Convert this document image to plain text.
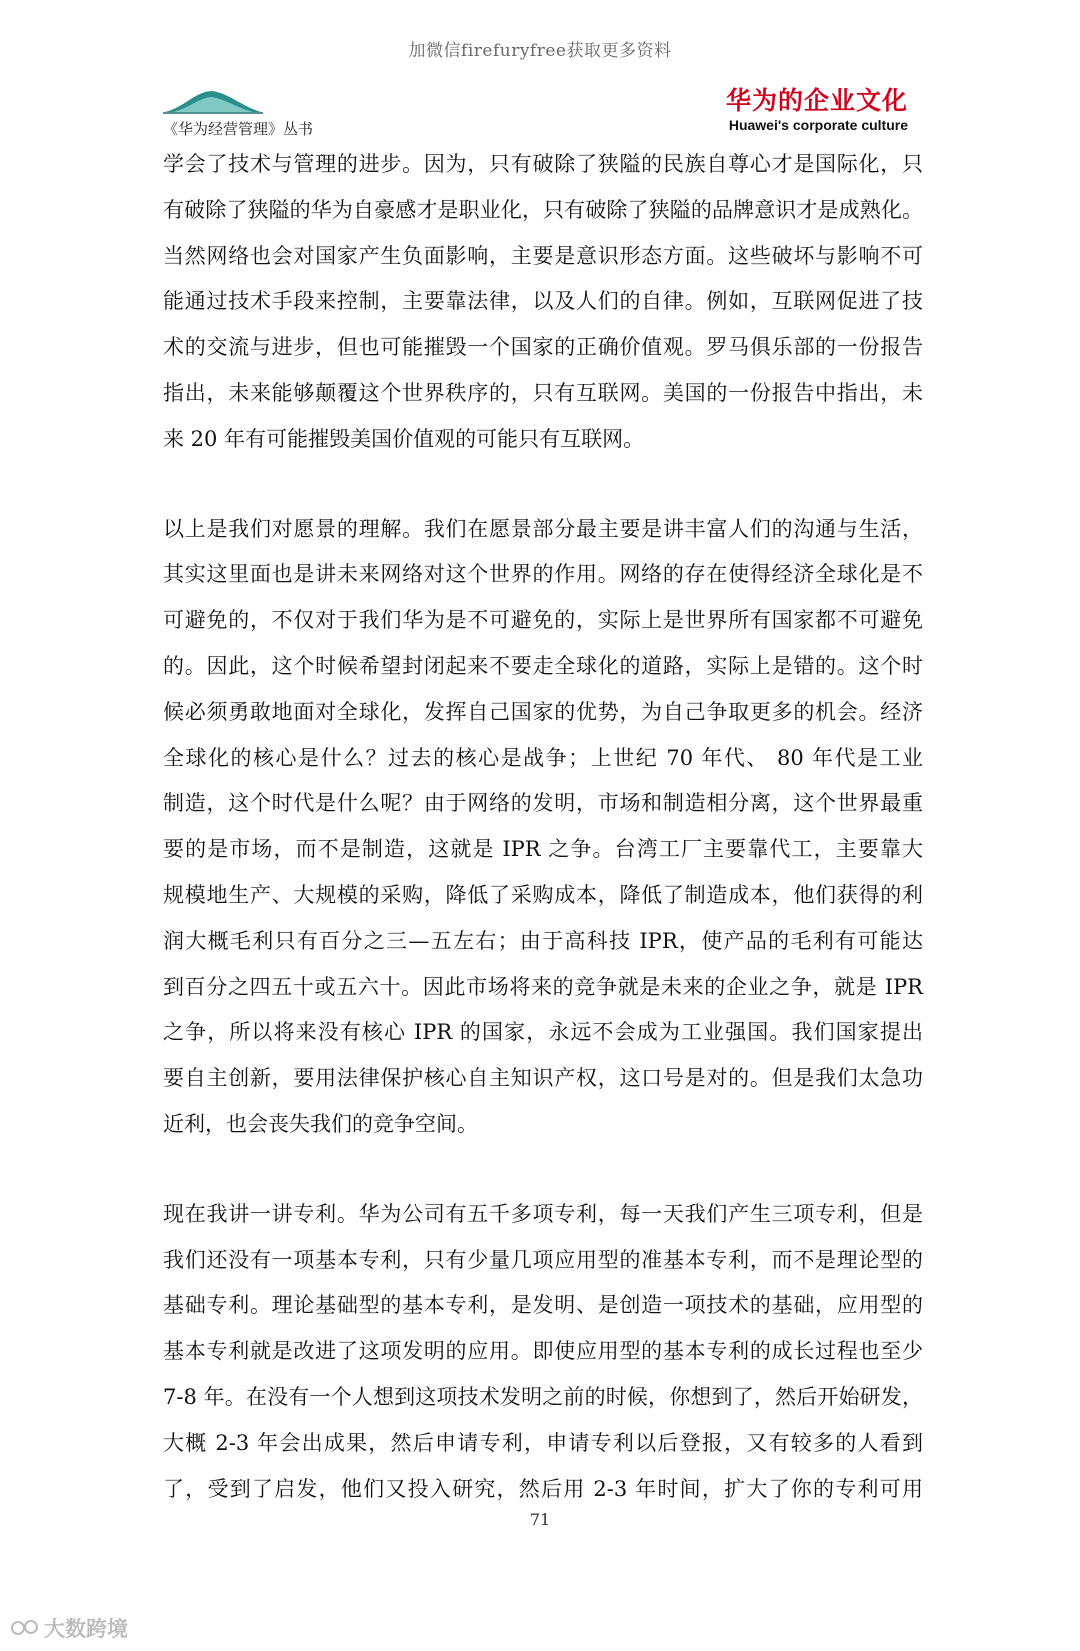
加微信firefuryfree获取更多资料
《华为经营管理》丛书
华为的企业文化
Huawei's corporate culture
学会了技术与管理的进步。因为，只有破除了狭隘的民族自尊心才是国际化，只
有破除了狭隘的华为自豪感才是职业化，只有破除了狭隘的品牌意识才是成熟化。
当然网络也会对国家产生负面影响，主要是意识形态方面。这些破坏与影响不可
能通过技术手段来控制，主要靠法律，以及人们的自律。例如，互联网促进了技
术的交流与进步，但也可能摧毁一个国家的正确价值观。罗马俱乐部的一份报告
指出，未来能够颠覆这个世界秩序的，只有互联网。美国的一份报告中指出，未
来 20 年有可能摧毁美国价值观的可能只有互联网。
以上是我们对愿景的理解。我们在愿景部分最主要是讲丰富人们的沟通与生活，
其实这里面也是讲未来网络对这个世界的作用。网络的存在使得经济全球化是不
可避免的，不仅对于我们华为是不可避免的，实际上是世界所有国家都不可避免
的。因此，这个时候希望封闭起来不要走全球化的道路，实际上是错的。这个时
候必须勇敢地面对全球化，发挥自己国家的优势，为自己争取更多的机会。经济
全球化的核心是什么？过去的核心是战争；上世纪 70 年代、 80 年代是工业
制造，这个时代是什么呢？由于网络的发明，市场和制造相分离，这个世界最重
要的是市场，而不是制造，这就是 IPR 之争。台湾工厂主要靠代工，主要靠大
规模地生产、大规模的采购，降低了采购成本，降低了制造成本，他们获得的利
润大概毛利只有百分之三—五左右；由于高科技 IPR，使产品的毛利有可能达
到百分之四五十或五六十。因此市场将来的竞争就是未来的企业之争，就是 IPR
之争，所以将来没有核心 IPR 的国家，永远不会成为工业强国。我们国家提出
要自主创新，要用法律保护核心自主知识产权，这口号是对的。但是我们太急功
近利，也会丧失我们的竞争空间。
现在我讲一讲专利。华为公司有五千多项专利，每一天我们产生三项专利，但是
我们还没有一项基本专利，只有少量几项应用型的准基本专利，而不是理论型的
基础专利。理论基础型的基本专利，是发明、是创造一项技术的基础，应用型的
基本专利就是改进了这项发明的应用。即使应用型的基本专利的成长过程也至少
7-8 年。在没有一个人想到这项技术发明之前的时候，你想到了，然后开始研发，
大概 2-3 年会出成果，然后申请专利，申请专利以后登报，又有较多的人看到
了，受到了启发，他们又投入研究，然后用 2-3 年时间，扩大了你的专利可用
71
大数跨境
